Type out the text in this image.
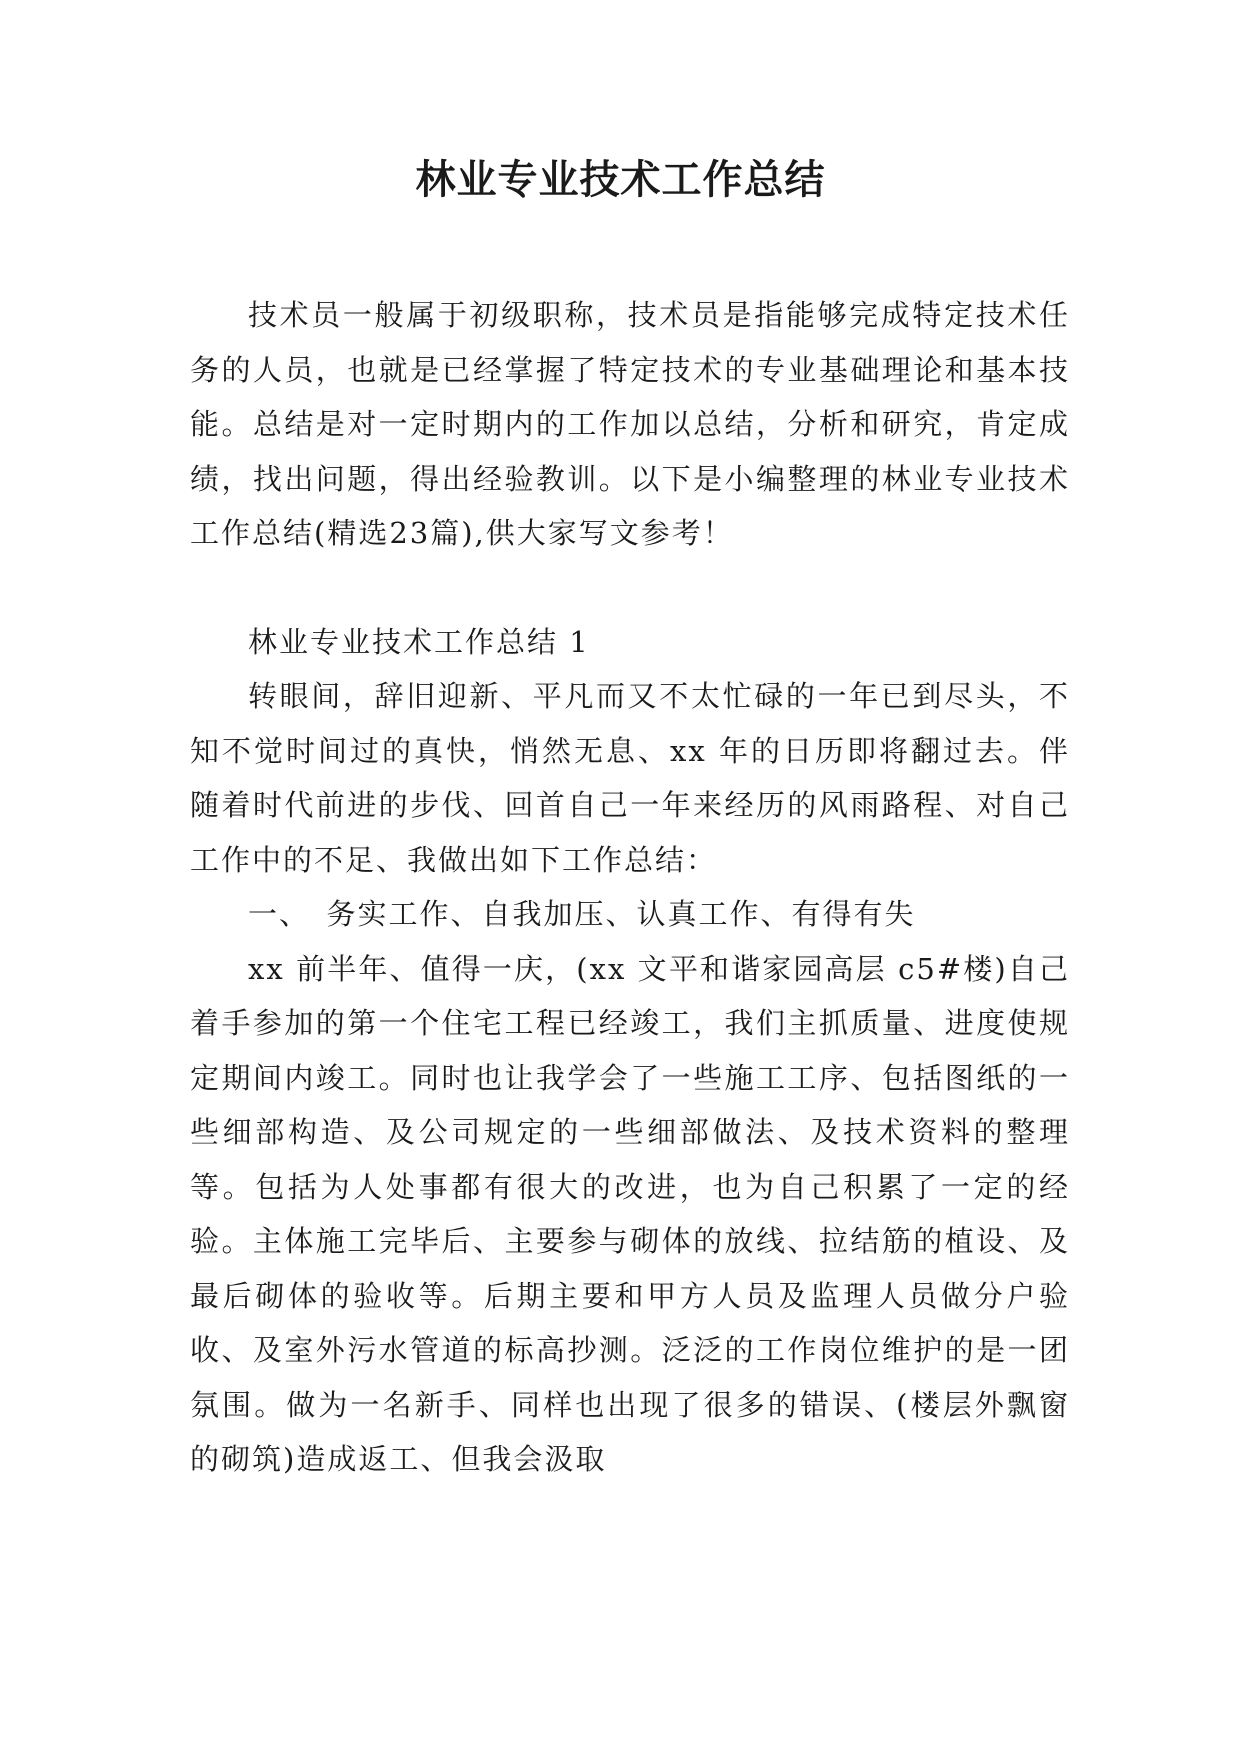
林业专业技术工作总结

技术员一般属于初级职称，技术员是指能够完成特定技术任务的人员，也就是已经掌握了特定技术的专业基础理论和基本技能。总结是对一定时期内的工作加以总结，分析和研究，肯定成绩，找出问题，得出经验教训。以下是小编整理的林业专业技术工作总结(精选23篇),供大家写文参考！

林业专业技术工作总结 1

转眼间，辞旧迎新、平凡而又不太忙碌的一年已到尽头，不知不觉时间过的真快，悄然无息、xx 年的日历即将翻过去。伴随着时代前进的步伐、回首自己一年来经历的风雨路程、对自己工作中的不足、我做出如下工作总结：

一、　务实工作、自我加压、认真工作、有得有失

xx 前半年、值得一庆，(xx 文平和谐家园高层 c5#楼)自己着手参加的第一个住宅工程已经竣工，我们主抓质量、进度使规定期间内竣工。同时也让我学会了一些施工工序、包括图纸的一些细部构造、及公司规定的一些细部做法、及技术资料的整理等。包括为人处事都有很大的改进，也为自己积累了一定的经验。主体施工完毕后、主要参与砌体的放线、拉结筋的植设、及最后砌体的验收等。后期主要和甲方人员及监理人员做分户验收、及室外污水管道的标高抄测。泛泛的工作岗位维护的是一团氛围。做为一名新手、同样也出现了很多的错误、(楼层外飘窗的砌筑)造成返工、但我会汲取
